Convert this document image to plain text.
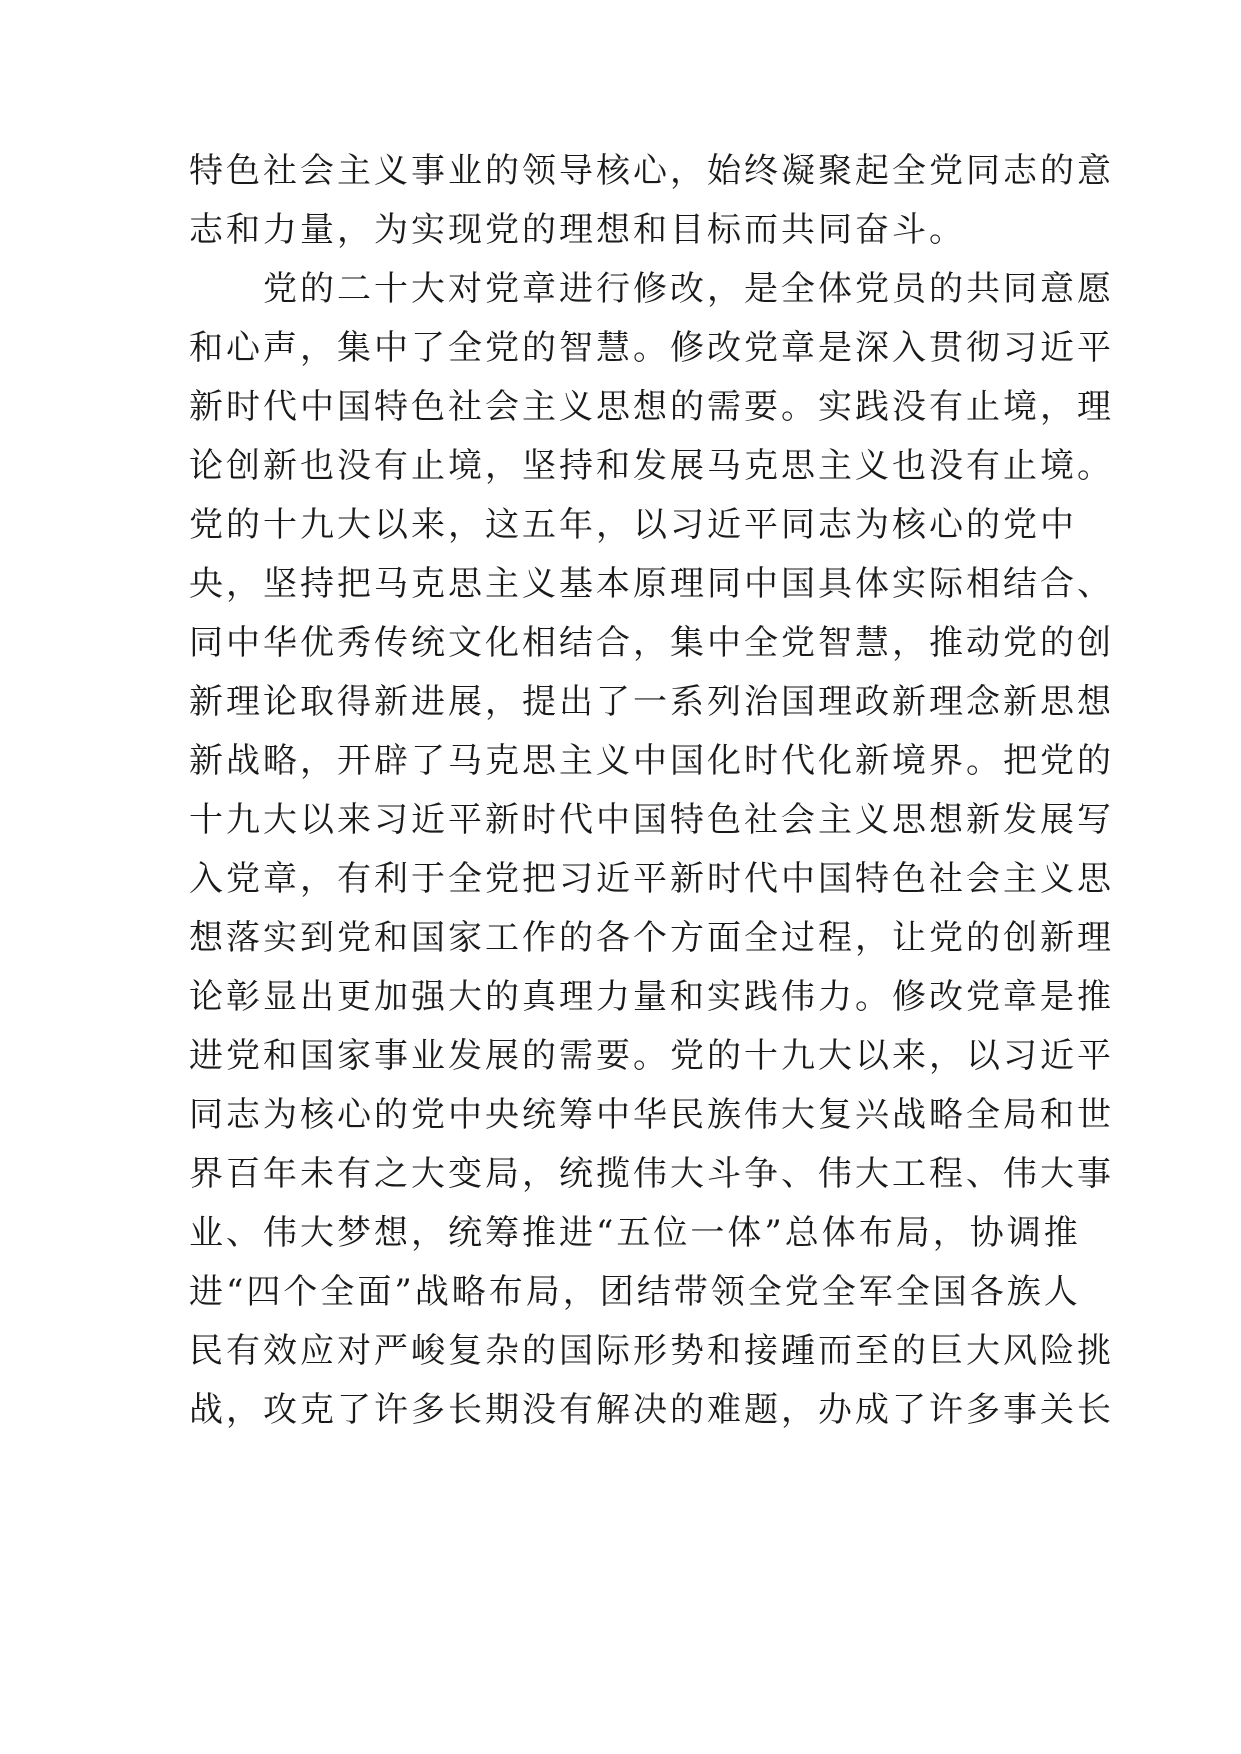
特色社会主义事业的领导核心，始终凝聚起全党同志的意
志和力量，为实现党的理想和目标而共同奋斗。
　　党的二十大对党章进行修改，是全体党员的共同意愿
和心声，集中了全党的智慧。修改党章是深入贯彻习近平
新时代中国特色社会主义思想的需要。实践没有止境，理
论创新也没有止境，坚持和发展马克思主义也没有止境。
党的十九大以来，这五年，以习近平同志为核心的党中
央，坚持把马克思主义基本原理同中国具体实际相结合、
同中华优秀传统文化相结合，集中全党智慧，推动党的创
新理论取得新进展，提出了一系列治国理政新理念新思想
新战略，开辟了马克思主义中国化时代化新境界。把党的
十九大以来习近平新时代中国特色社会主义思想新发展写
入党章，有利于全党把习近平新时代中国特色社会主义思
想落实到党和国家工作的各个方面全过程，让党的创新理
论彰显出更加强大的真理力量和实践伟力。修改党章是推
进党和国家事业发展的需要。党的十九大以来，以习近平
同志为核心的党中央统筹中华民族伟大复兴战略全局和世
界百年未有之大变局，统揽伟大斗争、伟大工程、伟大事
业、伟大梦想，统筹推进“五位一体”总体布局，协调推
进“四个全面”战略布局，团结带领全党全军全国各族人
民有效应对严峻复杂的国际形势和接踵而至的巨大风险挑
战，攻克了许多长期没有解决的难题，办成了许多事关长
